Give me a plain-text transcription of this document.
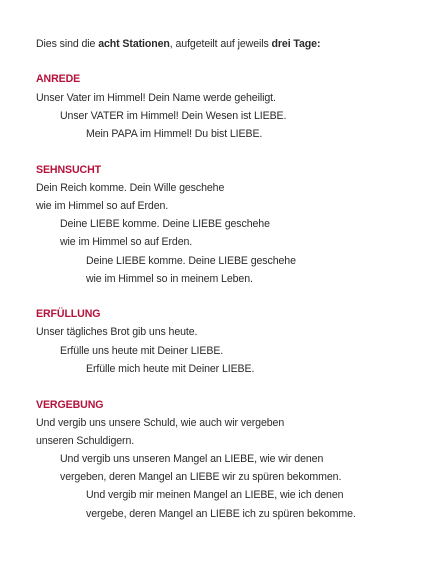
Dies sind die acht Stationen, aufgeteilt auf jeweils drei Tage:
ANREDE
Unser Vater im Himmel! Dein Name werde geheiligt.
Unser VATER im Himmel! Dein Wesen ist LIEBE.
Mein PAPA im Himmel! Du bist LIEBE.
SEHNSUCHT
Dein Reich komme. Dein Wille geschehe
wie im Himmel so auf Erden.
Deine LIEBE komme. Deine LIEBE geschehe
wie im Himmel so auf Erden.
Deine LIEBE komme. Deine LIEBE geschehe
wie im Himmel so in meinem Leben.
ERFÜLLUNG
Unser tägliches Brot gib uns heute.
Erfülle uns heute mit Deiner LIEBE.
Erfülle mich heute mit Deiner LIEBE.
VERGEBUNG
Und vergib uns unsere Schuld, wie auch wir vergeben
unseren Schuldigern.
Und vergib uns unseren Mangel an LIEBE, wie wir denen
vergeben, deren Mangel an LIEBE wir zu spüren bekommen.
Und vergib mir meinen Mangel an LIEBE, wie ich denen
vergebe, deren Mangel an LIEBE ich zu spüren bekomme.
